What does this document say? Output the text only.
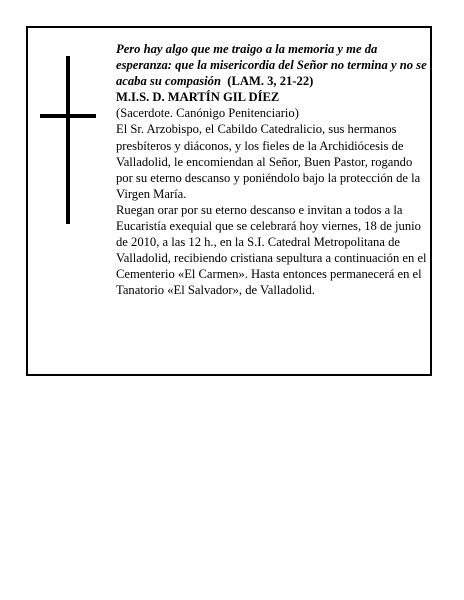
Pero hay algo que me traigo a la memoria y me da esperanza: que la misericordia del Señor no termina y no se acaba su compasión (LAM. 3, 21-22)

M.I.S. D. MARTÍN GIL DÍEZ

(Sacerdote. Canónigo Penitenciario)

El Sr. Arzobispo, el Cabildo Catedralicio, sus hermanos presbíteros y diáconos, y los fieles de la Archidiócesis de Valladolid, le encomiendan al Señor, Buen Pastor, rogando por su eterno descanso y poniéndolo bajo la protección de la Virgen María.

Ruegan orar por su eterno descanso e invitan a todos a la Eucaristía exequial que se celebrará hoy viernes, 18 de junio de 2010, a las 12 h., en la S.I. Catedral Metropolitana de Valladolid, recibiendo cristiana sepultura a continuación en el Cementerio «El Carmen». Hasta entonces permanecerá en el Tanatorio «El Salvador», de Valladolid.
